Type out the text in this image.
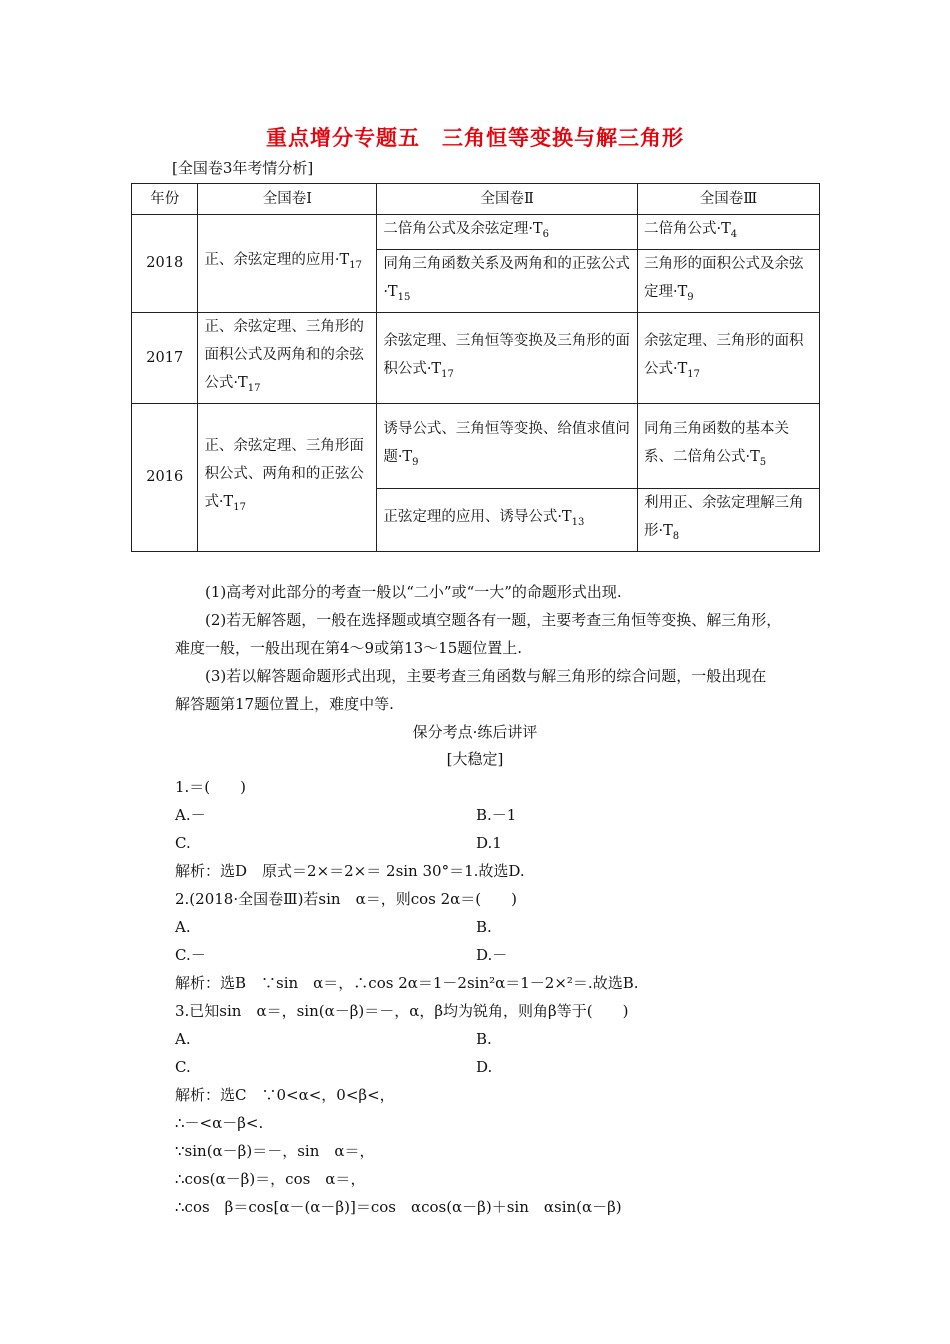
重点增分专题五　三角恒等变换与解三角形
[全国卷3年考情分析]
年份	全国卷Ⅰ	全国卷Ⅱ	全国卷Ⅲ
2018	正、余弦定理的应用$\cdot T_{17}$	二倍角公式及余弦定理$\cdot T_6$	二倍角公式$\cdot T_4$
		同角三角函数关系及两角和的正弦公式$\cdot T_{15}$	三角形的面积公式及余弦定理$\cdot T_9$
2017	正、余弦定理、三角形的面积公式及两角和的余弦公式$\cdot T_{17}$	余弦定理、三角恒等变换及三角形的面积公式$\cdot T_{17}$	余弦定理、三角形的面积公式$\cdot T_{17}$
2016	正、余弦定理、三角形面积公式、两角和的正弦公式$\cdot T_{17}$	诱导公式、三角恒等变换、给值求值问题$\cdot T_9$	同角三角函数的基本关系、二倍角公式$\cdot T_5$
		正弦定理的应用、诱导公式$\cdot T_{13}$	利用正、余弦定理解三角形$\cdot T_8$
(1)高考对此部分的考查一般以“二小”或“一大”的命题形式出现.
(2)若无解答题，一般在选择题或填空题各有一题，主要考查三角恒等变换、解三角形，
难度一般，一般出现在第4～9或第13～15题位置上.
(3)若以解答题命题形式出现，主要考查三角函数与解三角形的综合问题，一般出现在
解答题第17题位置上，难度中等.
保分考点·练后讲评
[大稳定]
1.＝(　　)
A.－	B.－1
C.	D.1
解析：选D　原式＝2×＝2×＝ 2sin 30°＝1.故选D.
2.(2018·全国卷Ⅲ)若sin　α＝，则cos 2α＝(　　)
A.	B.
C.－	D.－
解析：选B　∵sin　α＝，∴cos 2α＝1－2sin²α＝1－2×²＝.故选B.
3.已知sin　α＝，sin(α－β)＝－，α，β均为锐角，则角β等于(　　)
A.	B.
C.	D.
解析：选C　∵0<α<，0<β<，
∴－<α－β<.
∵sin(α－β)＝－，sin　α＝，
∴cos(α－β)＝，cos　α＝，
∴cos　β＝cos[α－(α－β)]＝cos　αcos(α－β)＋sin　αsin(α－β)
